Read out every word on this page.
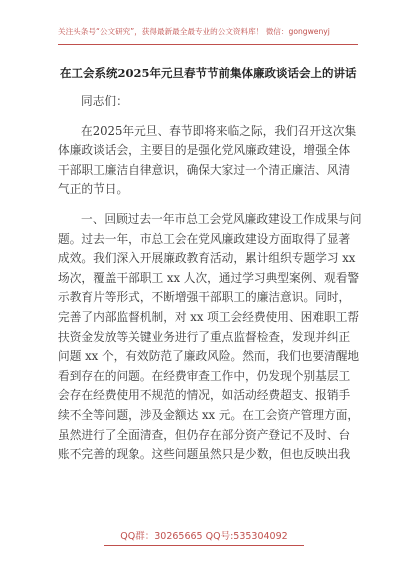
关注头条号“公文研究”，获得最新最全最专业的公文资料库！ 微信：gongwenyj
在工会系统2025年元旦春节节前集体廉政谈话会上的讲话
同志们：
在2025年元旦、春节即将来临之际，我们召开这次集
体廉政谈话会，主要目的是强化党风廉政建设，增强全体
干部职工廉洁自律意识，确保大家过一个清正廉洁、风清
气正的节日。
一、回顾过去一年市总工会党风廉政建设工作成果与问
题。过去一年，市总工会在党风廉政建设方面取得了显著
成效。我们深入开展廉政教育活动，累计组织专题学习 xx
场次，覆盖干部职工 xx 人次，通过学习典型案例、观看警
示教育片等形式，不断增强干部职工的廉洁意识。同时，
完善了内部监督机制，对 xx 项工会经费使用、困难职工帮
扶资金发放等关键业务进行了重点监督检查，发现并纠正
问题 xx 个，有效防范了廉政风险。然而，我们也要清醒地
看到存在的问题。在经费审查工作中，仍发现个别基层工
会存在经费使用不规范的情况，如活动经费超支、报销手
续不全等问题，涉及金额达 xx 元。在工会资产管理方面，
虽然进行了全面清查，但仍存在部分资产登记不及时、台
账不完善的现象。这些问题虽然只是少数，但也反映出我
QQ群：30265665 QQ号:535304092
